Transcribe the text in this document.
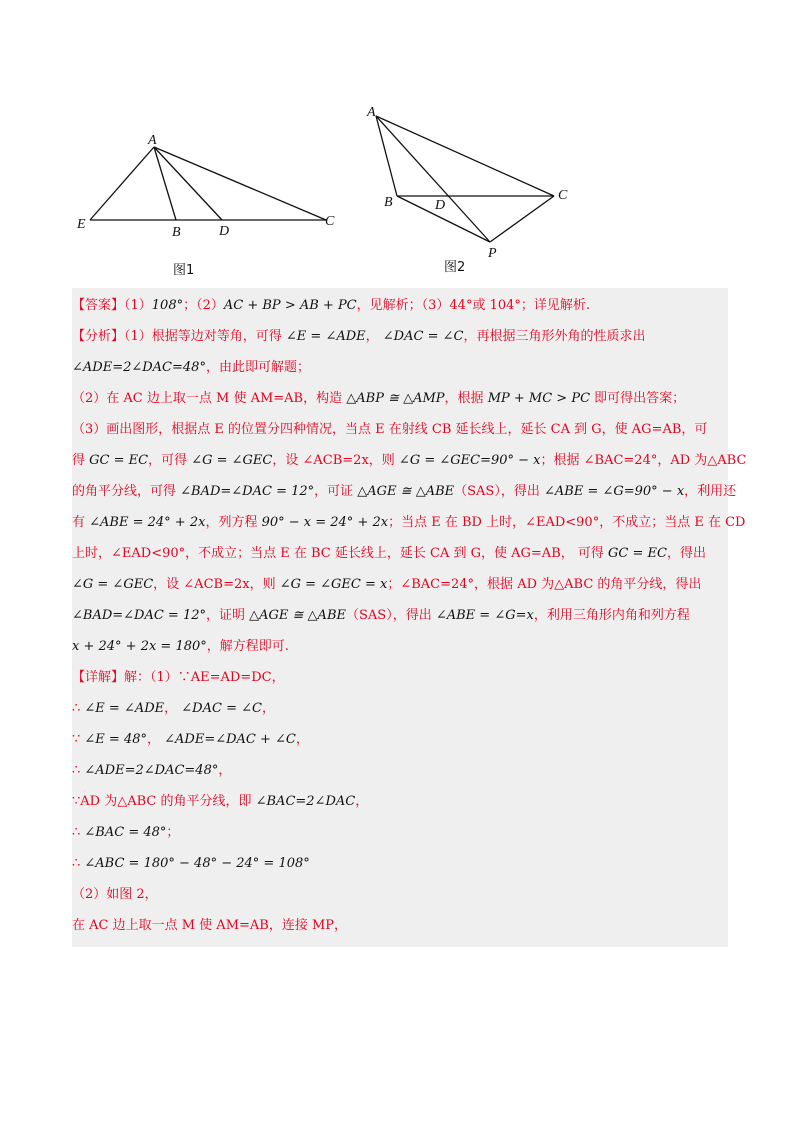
A
E
B	D
C
图1
A
B	D
C
P
图2
【答案】（1）108°；（2）AC + BP > AB + PC，见解析；（3）44°或 104°；详见解析.
【分析】（1）根据等边对等角，可得 ∠E = ∠ADE， ∠DAC = ∠C，再根据三角形外角的性质求出
∠ADE=2∠DAC=48°，由此即可解题；
（2）在 AC 边上取一点 M 使 AM=AB，构造 △ABP ≅ △AMP，根据 MP + MC > PC 即可得出答案；
（3）画出图形，根据点 E 的位置分四种情况，当点 E 在射线 CB 延长线上，延长 CA 到 G，使 AG=AB，可
得 GC = EC，可得 ∠G = ∠GEC，设 ∠ACB=2x，则 ∠G = ∠GEC=90° − x；根据 ∠BAC=24°，AD 为△ABC
的角平分线，可得 ∠BAD=∠DAC = 12°，可证 △AGE ≅ △ABE（SAS），得出 ∠ABE = ∠G=90° − x，利用还
有 ∠ABE = 24° + 2x，列方程 90° − x = 24° + 2x；当点 E 在 BD 上时，∠EAD<90°，不成立；当点 E 在 CD
上时，∠EAD<90°，不成立；当点 E 在 BC 延长线上，延长 CA 到 G，使 AG=AB， 可得 GC = EC，得出
∠G = ∠GEC，设 ∠ACB=2x，则 ∠G = ∠GEC = x；∠BAC=24°，根据 AD 为△ABC 的角平分线，得出
∠BAD=∠DAC = 12°，证明 △AGE ≅ △ABE（SAS），得出 ∠ABE = ∠G=x，利用三角形内角和列方程
x + 24° + 2x = 180°，解方程即可.
【详解】解：（1）∵AE=AD=DC，
∴ ∠E = ∠ADE， ∠DAC = ∠C，
∵ ∠E = 48°， ∠ADE=∠DAC + ∠C，
∴ ∠ADE=2∠DAC=48°，
∵AD 为△ABC 的角平分线，即 ∠BAC=2∠DAC，
∴ ∠BAC = 48°；
∴ ∠ABC = 180° − 48° − 24° = 108°
（2）如图 2，
在 AC 边上取一点 M 使 AM=AB，连接 MP，
